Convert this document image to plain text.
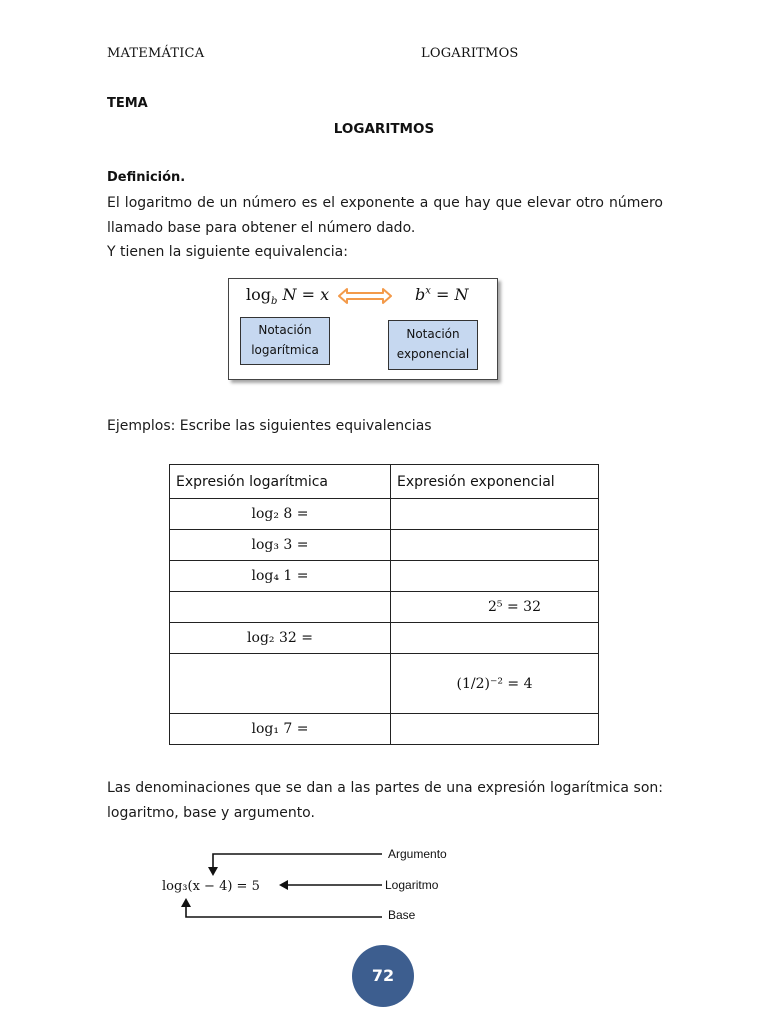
MATEMÁTICA	LOGARITMOS
TEMA
LOGARITMOS
Definición.
El logaritmo de un número es el exponente a que hay que elevar otro número llamado base para obtener el número dado.
Y tienen la siguiente equivalencia:
$\log_b N = x$	$b^x = N$
Notación
logarítmica
Notación
exponencial
Ejemplos: Escribe las siguientes equivalencias
Expresión logarítmica	Expresión exponencial
log₂ 8 =	
log₃ 3 =	
log₄ 1 =	
	2⁵ = 32
log₂ 32 =	
	(1/2)⁻² = 4
log₁ 7 =	
Las denominaciones que se dan a las partes de una expresión logarítmica son: logaritmo, base y argumento.
Argumento
Logaritmo
Base
log₃(x − 4) = 5
72
